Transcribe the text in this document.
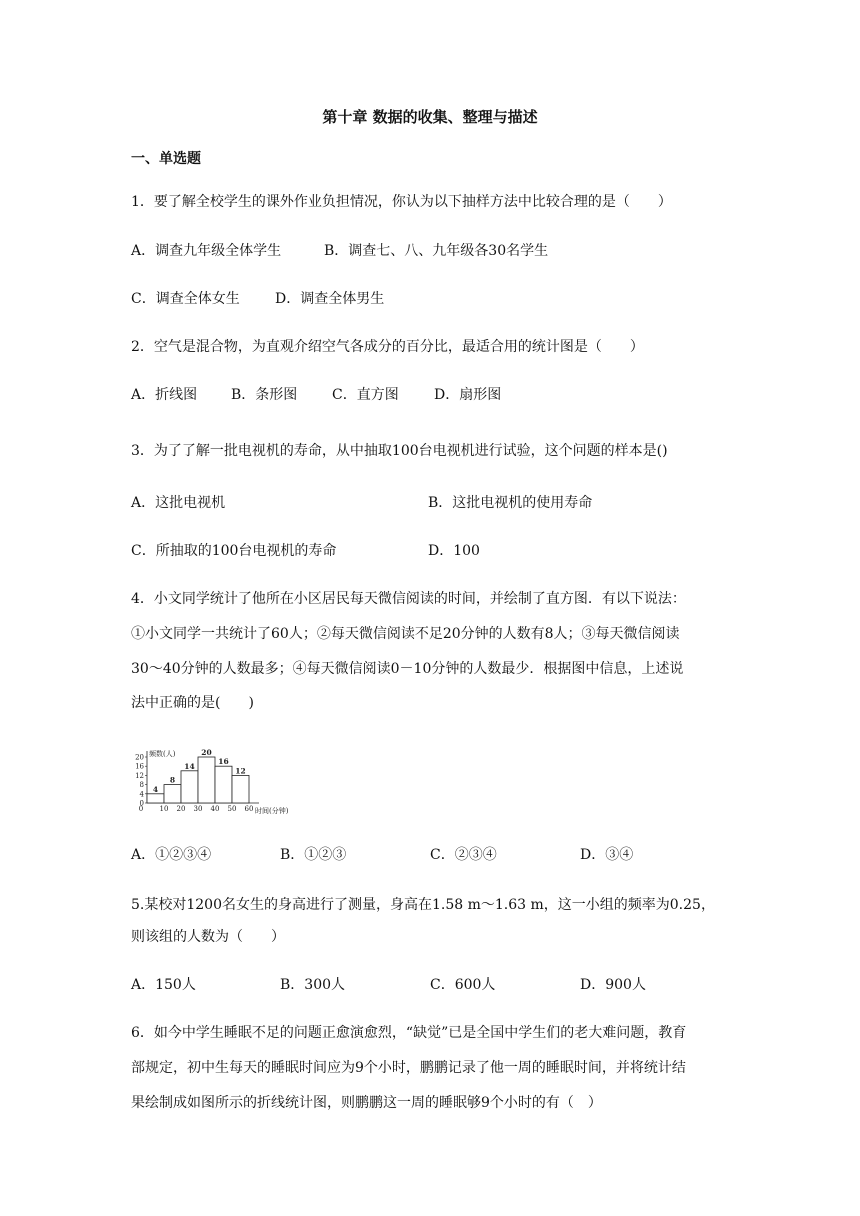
第十章 数据的收集、整理与描述
一、单选题
1．要了解全校学生的课外作业负担情况，你认为以下抽样方法中比较合理的是（　　）
A．调查九年级全体学生	B．调查七、八、九年级各30名学生
C．调查全体女生	D．调查全体男生
2．空气是混合物，为直观介绍空气各成分的百分比，最适合用的统计图是（　　）
A．折线图 B．条形图 C．直方图	D．扇形图
3．为了了解一批电视机的寿命，从中抽取100台电视机进行试验，这个问题的样本是()
A．这批电视机	B．这批电视机的使用寿命
C．所抽取的100台电视机的寿命	D．100
4．小文同学统计了他所在小区居民每天微信阅读的时间，并绘制了直方图．有以下说法：
①小文同学一共统计了60人；②每天微信阅读不足20分钟的人数有8人；③每天微信阅读
30～40分钟的人数最多；④每天微信阅读0－10分钟的人数最少．根据图中信息，上述说
法中正确的是(　　)
0
4
8
12
16
20
0 10 20 30 40 50 60
4
8
14
20
16
12
频数(人)
时间(分钟)
A．①②③④	B．①②③	C．②③④	D．③④
5.某校对1200名女生的身高进行了测量，身高在1.58 m～1.63 m，这一小组的频率为0.25，
则该组的人数为（　　）
A．150人	B．300人	C．600人	D．900人
6．如今中学生睡眠不足的问题正愈演愈烈，“缺觉”已是全国中学生们的老大难问题，教育
部规定，初中生每天的睡眠时间应为9个小时，鹏鹏记录了他一周的睡眠时间，并将统计结
果绘制成如图所示的折线统计图，则鹏鹏这一周的睡眠够9个小时的有（　）
